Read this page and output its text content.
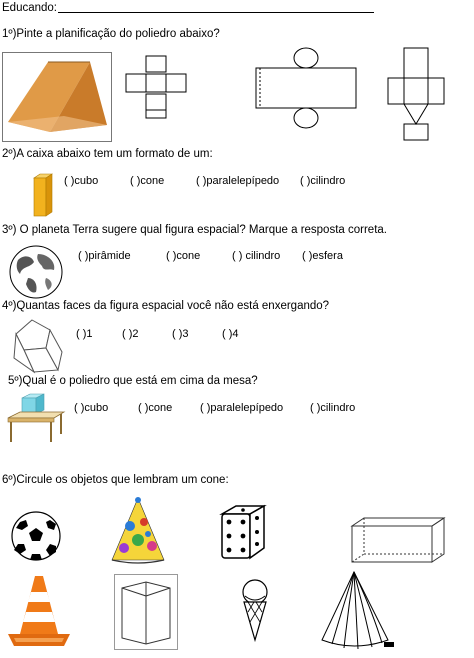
Educando:
1º)Pinte a planificação do poliedro abaixo?
2º)A caixa abaixo tem um formato de um:
( )cubo	( )cone	( )paralelepípedo ( )cilindro
3º) O planeta Terra sugere qual figura espacial? Marque a resposta correta.
( )pirâmide	( )cone	( ) cilindro ( )esfera
4º)Quantas faces da figura espacial você não está enxergando?
( )1	( )2	( )3	( )4
5º)Qual é o poliedro que está em cima da mesa?
( )cubo	( )cone	( )paralelepípedo ( )cilindro
6º)Circule os objetos que lembram um cone:
